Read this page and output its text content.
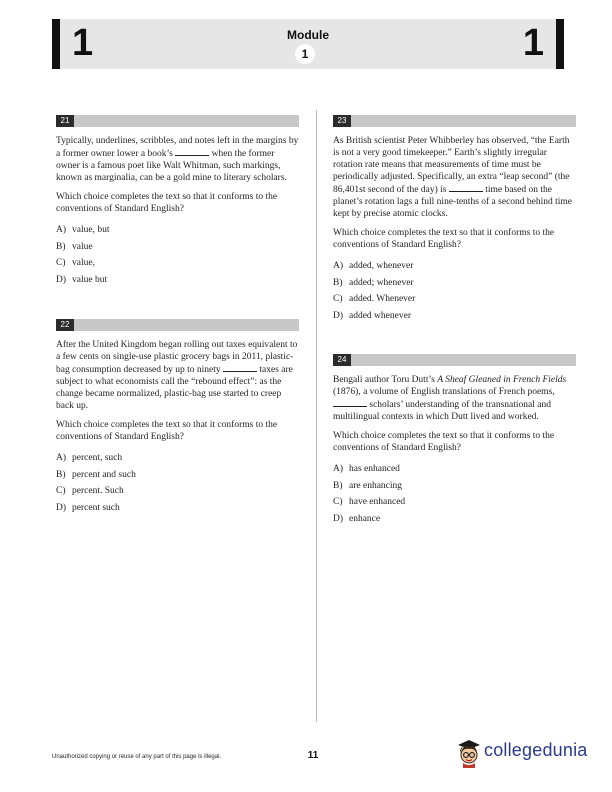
1	Module
1	1
21

Typically, underlines, scribbles, and notes left in the margins by a former owner lower a book’s	when the former owner is a famous poet like Walt Whitman, such markings, known as marginalia, can be a gold mine to literary scholars.

Which choice completes the text so that it conforms to the conventions of Standard English?

A) value, but
B) value
C) value,
D) value but
22

After the United Kingdom began rolling out taxes equivalent to a few cents on single-use plastic grocery bags in 2011, plastic-bag consumption decreased by up to ninety	taxes are subject to what economists call the “rebound effect”: as the change became normalized, plastic-bag use started to creep back up.

Which choice completes the text so that it conforms to the conventions of Standard English?

A) percent, such
B) percent and such
C) percent. Such
D) percent such
23

As British scientist Peter Whibberley has observed, “the Earth is not a very good timekeeper.” Earth’s slightly irregular rotation rate means that measurements of time must be periodically adjusted. Specifically, an extra “leap second” (the 86,401st second of the day) is	time based on the planet’s rotation lags a full nine-tenths of a second behind time kept by precise atomic clocks.

Which choice completes the text so that it conforms to the conventions of Standard English?

A) added, whenever
B) added; whenever
C) added. Whenever
D) added whenever
24

Bengali author Toru Dutt’s A Sheaf Gleaned in French Fields (1876), a volume of English translations of French poems,  scholars’ understanding of the transnational and multilingual contexts in which Dutt lived and worked.

Which choice completes the text so that it conforms to the conventions of Standard English?

A) has enhanced
B) are enhancing
C) have enhanced
D) enhance
Unauthorized copying or reuse of any part of this page is illegal.	11	collegedunia
